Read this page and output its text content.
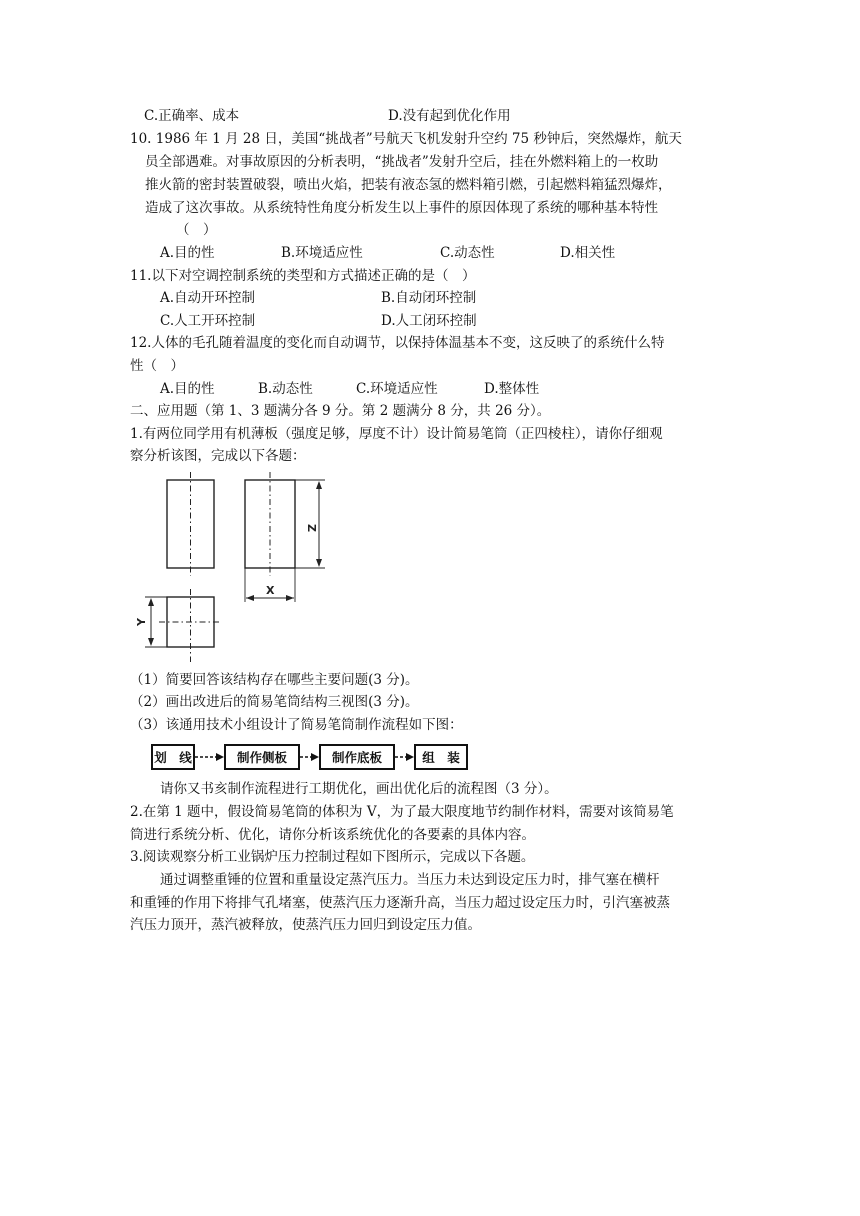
C.正确率、成本	D.没有起到优化作用
10. 1986 年 1 月 28 日，美国“挑战者”号航天飞机发射升空约 75 秒钟后，突然爆炸，航天
员全部遇难。对事故原因的分析表明，“挑战者”发射升空后，挂在外燃料箱上的一枚助
推火箭的密封装置破裂，喷出火焰，把装有液态氢的燃料箱引燃，引起燃料箱猛烈爆炸，
造成了这次事故。从系统特性角度分析发生以上事件的原因体现了系统的哪种基本特性
（　）
A.目的性	B.环境适应性	C.动态性	D.相关性
11.以下对空调控制系统的类型和方式描述正确的是（　）
A.自动开环控制	B.自动闭环控制
C.人工开环控制	D.人工闭环控制
12.人体的毛孔随着温度的变化而自动调节，以保持体温基本不变，这反映了的系统什么特
性（　）
A.目的性	B.动态性	C.环境适应性	D.整体性
二、应用题（第 1、3 题满分各 9 分。第 2 题满分 8 分，共 26 分）。
1.有两位同学用有机薄板（强度足够，厚度不计）设计简易笔筒（正四棱柱），请你仔细观
察分析该图，完成以下各题：
Z
X
Y
（1）简要回答该结构存在哪些主要问题(3 分)。
（2）画出改进后的简易笔筒结构三视图(3 分)。
（3）该通用技术小组设计了简易笔筒制作流程如下图：
划　线	制作侧板	制作底板	组　装
请你又书亥制作流程进行工期优化，画出优化后的流程图（3 分）。
2.在第 1 题中，假设简易笔筒的体积为 V，为了最大限度地节约制作材料，需要对该简易笔
筒进行系统分析、优化，请你分析该系统优化的各要素的具体内容。
3.阅读观察分析工业锅炉压力控制过程如下图所示，完成以下各题。
通过调整重锤的位置和重量设定蒸汽压力。当压力未达到设定压力时，排气塞在横杆
和重锤的作用下将排气孔堵塞，使蒸汽压力逐渐升高，当压力超过设定压力时，引汽塞被蒸
汽压力顶开，蒸汽被释放，使蒸汽压力回归到设定压力值。
